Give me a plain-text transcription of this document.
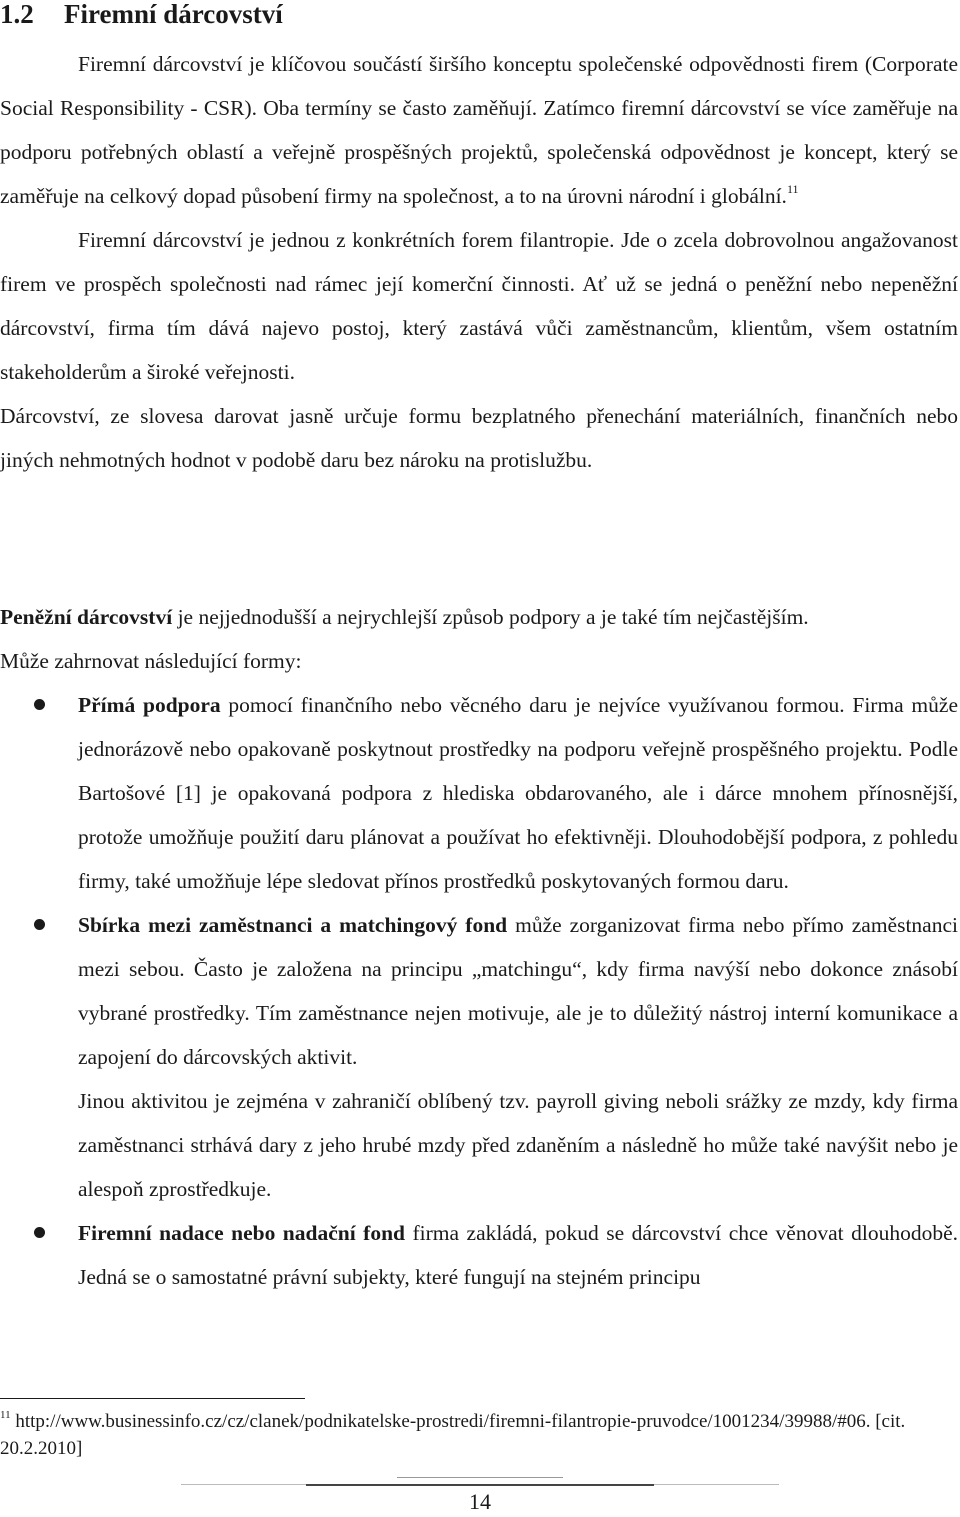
1.2 Firemní dárcovství

Firemní dárcovství je klíčovou součástí širšího konceptu společenské odpovědnosti firem (Corporate Social Responsibility - CSR). Oba termíny se často zaměňují. Zatímco firemní dárcovství se více zaměřuje na podporu potřebných oblastí a veřejně prospěšných projektů, společenská odpovědnost je koncept, který se zaměřuje na celkový dopad působení firmy na společnost, a to na úrovni národní i globální.$^{11}$

Firemní dárcovství je jednou z konkrétních forem filantropie. Jde o zcela dobrovolnou angažovanost firem ve prospěch společnosti nad rámec její komerční činnosti. Ať už se jedná o peněžní nebo nepeněžní dárcovství, firma tím dává najevo postoj, který zastává vůči zaměstnancům, klientům, všem ostatním stakeholderům a široké veřejnosti.

Dárcovství, ze slovesa darovat jasně určuje formu bezplatného přenechání materiálních, finančních nebo jiných nehmotných hodnot v podobě daru bez nároku na protislužbu.

Peněžní dárcovství je nejjednodušší a nejrychlejší způsob podpory a je také tím nejčastějším.

Může zahrnovat následující formy:

Přímá podpora pomocí finančního nebo věcného daru je nejvíce využívanou formou. Firma může jednorázově nebo opakovaně poskytnout prostředky na podporu veřejně prospěšného projektu. Podle Bartošové [1] je opakovaná podpora z hlediska obdarovaného, ale i dárce mnohem přínosnější, protože umožňuje použití daru plánovat a používat ho efektivněji. Dlouhodobější podpora, z pohledu firmy, také umožňuje lépe sledovat přínos prostředků poskytovaných formou daru.

Sbírka mezi zaměstnanci a matchingový fond může zorganizovat firma nebo přímo zaměstnanci mezi sebou. Často je založena na principu „matchingu“, kdy firma navýší nebo dokonce znásobí vybrané prostředky. Tím zaměstnance nejen motivuje, ale je to důležitý nástroj interní komunikace a zapojení do dárcovských aktivit.

Jinou aktivitou je zejména v zahraničí oblíbený tzv. payroll giving neboli srážky ze mzdy, kdy firma zaměstnanci strhává dary z jeho hrubé mzdy před zdaněním a následně ho může také navýšit nebo je alespoň zprostředkuje.

Firemní nadace nebo nadační fond firma zakládá, pokud se dárcovství chce věnovat dlouhodobě. Jedná se o samostatné právní subjekty, které fungují na stejném principu

$^{11}$ http://www.businessinfo.cz/cz/clanek/podnikatelske-prostredi/firemni-filantropie-pruvodce/1001234/39988/#06. [cit. 20.2.2010]
14
